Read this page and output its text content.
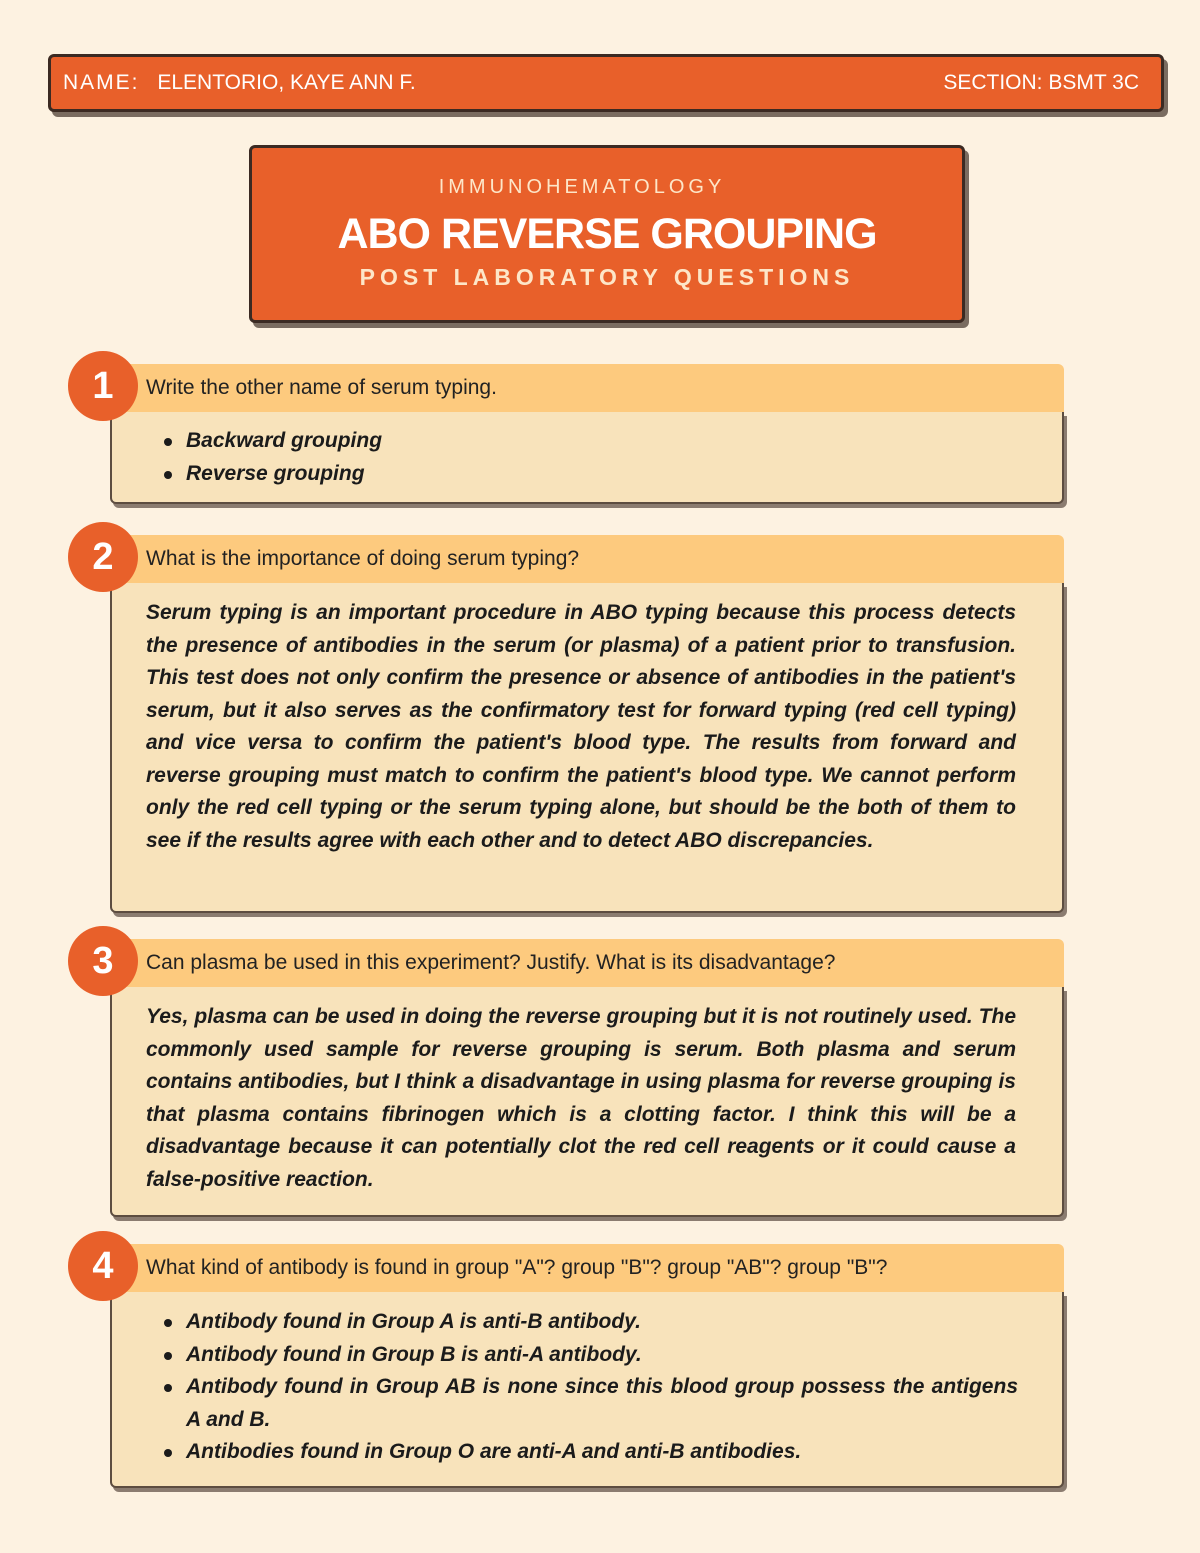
NAME: ELENTORIO, KAYE ANN F.	SECTION: BSMT 3C
IMMUNOHEMATOLOGY
ABO REVERSE GROUPING
POST LABORATORY QUESTIONS
Write the other name of serum typing.
Backward grouping
Reverse grouping
1
What is the importance of doing serum typing?

Serum typing is an important procedure in ABO typing because this process detects the presence of antibodies in the serum (or plasma) of a patient prior to transfusion. This test does not only confirm the presence or absence of antibodies in the patient's serum, but it also serves as the confirmatory test for forward typing (red cell typing) and vice versa to confirm the patient's blood type. The results from forward and reverse grouping must match to confirm the patient's blood type. We cannot perform only the red cell typing or the serum typing alone, but should be the both of them to see if the results agree with each other and to detect ABO discrepancies.

2
Can plasma be used in this experiment? Justify. What is its disadvantage?

Yes, plasma can be used in doing the reverse grouping but it is not routinely used. The commonly used sample for reverse grouping is serum. Both plasma and serum contains antibodies, but I think a disadvantage in using plasma for reverse grouping is that plasma contains fibrinogen which is a clotting factor. I think this will be a disadvantage because it can potentially clot the red cell reagents or it could cause a false-positive reaction.

3
What kind of antibody is found in group "A"? group "B"? group "AB"? group "B"?
Antibody found in Group A is anti-B antibody.
Antibody found in Group B is anti-A antibody.
Antibody found in Group AB is none since this blood group possess the antigens A and B.
Antibodies found in Group O are anti-A and anti-B antibodies.
4
